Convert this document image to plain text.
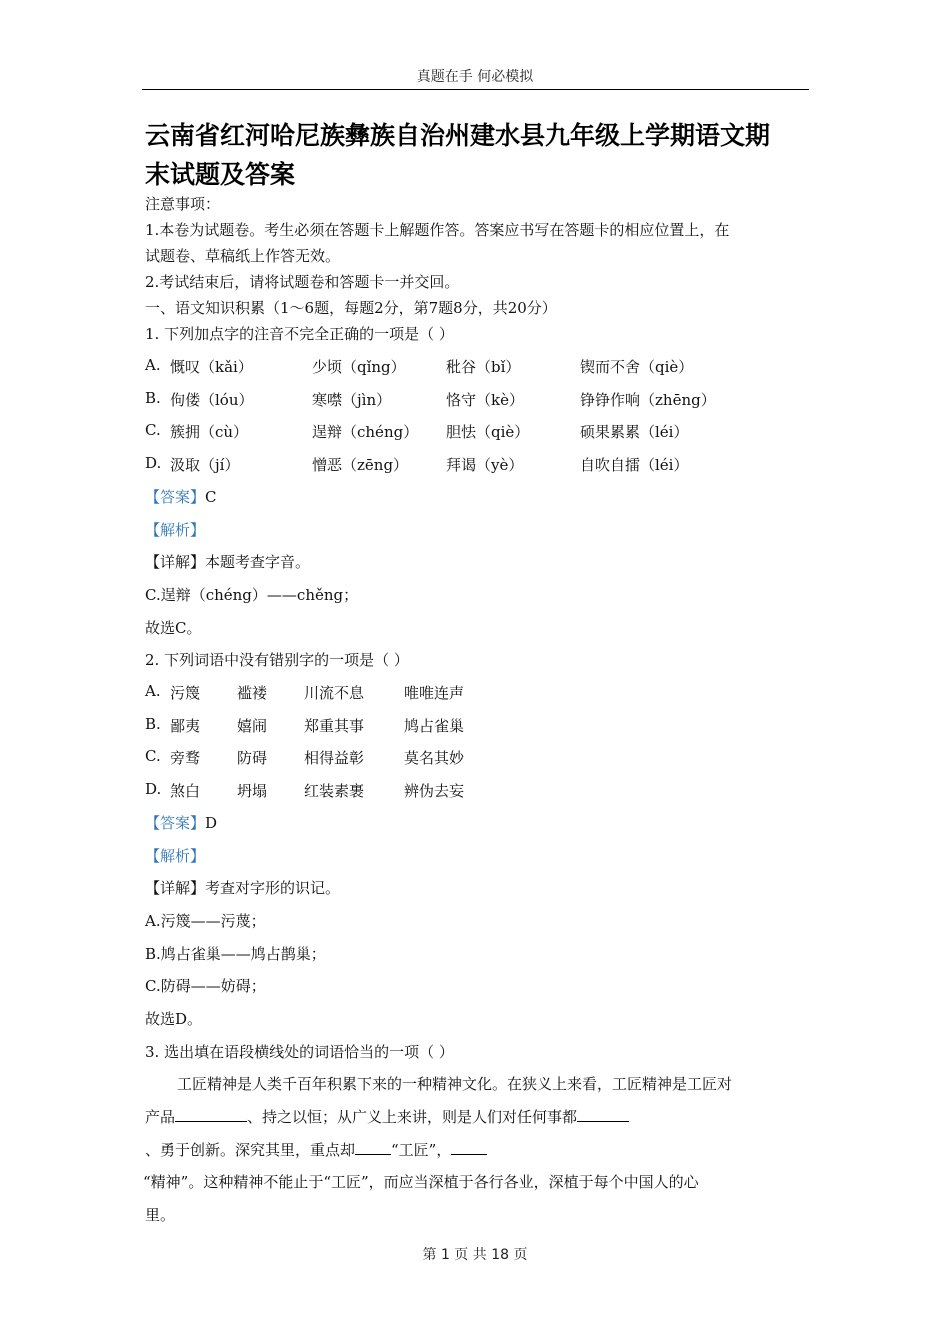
真题在手 何必模拟
云南省红河哈尼族彝族自治州建水县九年级上学期语文期
末试题及答案
注意事项：
1.本卷为试题卷。考生必须在答题卡上解题作答。答案应书写在答题卡的相应位置上，在
试题卷、草稿纸上作答无效。
2.考试结束后，请将试题卷和答题卡一并交回。
一、语文知识积累（1～6题，每题2分，第7题8分，共20分）
1. 下列加点字的注音不完全正确的一项是（ ）
A. 慨叹（kǎi）	少顷（qǐng）	秕谷（bǐ）	锲而不舍（qiè）
B. 佝偻（lóu）	寒噤（jìn）	恪守（kè）	铮铮作响（zhēng）
C. 簇拥（cù）	逞辩（chéng） 胆怯（qiè）	硕果累累（léi）
D. 汲取（jí）	憎恶（zēng）	拜谒（yè）	自吹自擂（léi）
【答案】C
【解析】
【详解】本题考查字音。
C.逞辩（chéng）——chěng；
故选C。
2. 下列词语中没有错别字的一项是（ ）
A. 污篾 褴褛 川流不息	唯唯连声
B. 鄙夷 嬉闹 郑重其事	鸠占雀巢
C. 旁骛 防碍 相得益彰	莫名其妙
D. 煞白 坍塌 红装素裹	辨伪去妄
【答案】D
【解析】
【详解】考查对字形的识记。
A.污篾——污蔑；
B.鸠占雀巢——鸠占鹊巢；
C.防碍——妨碍；
故选D。
3. 选出填在语段横线处的词语恰当的一项（ ）
工匠精神是人类千百年积累下来的一种精神文化。在狭义上来看，工匠精神是工匠对
产品	、持之以恒；从广义上来讲，则是人们对任何事都
、勇于创新。深究其里，重点却 “工匠”，
“精神”。这种精神不能止于“工匠”，而应当深植于各行各业，深植于每个中国人的心
里。
第 1 页 共 18 页
